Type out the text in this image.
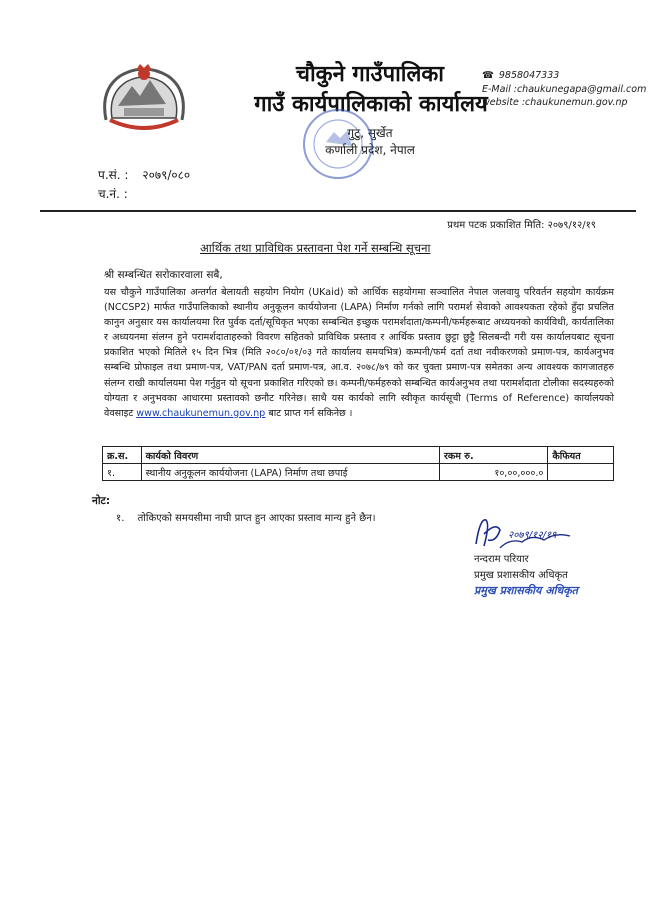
चौकुने गाउँपालिका
गाउँ कार्यपालिकाको कार्यालय
गुटु, सुर्खेत
कर्णाली प्रदेश, नेपाल
☎ 9858047333
E-Mail :chaukunegapa@gmail.com
website :chaukunemun.gov.np
प.सं. : २०७९/०८०
च.नं. :
प्रथम पटक प्रकाशित मिति: २०७९/१२/१९
आर्थिक तथा प्राविधिक प्रस्तावना पेश गर्ने सम्बन्धि सूचना
श्री सम्बन्धित सरोकारवाला सबै,
यस चौकुने गाउँपालिका अन्तर्गत बेलायती सहयोग नियोग (UKaid) को आर्थिक सहयोगमा सञ्चालित नेपाल जलवायु परिवर्तन सहयोग कार्यक्रम (NCCSP2) मार्फत गाउँपालिकाको स्थानीय अनुकूलन कार्ययोजना (LAPA) निर्माण गर्नको लागि परामर्श सेवाको आवश्यकता रहेको हुँदा प्रचलित कानुन अनुसार यस कार्यालयमा रित पुर्वक दर्ता/सूचिकृत भएका सम्बन्धित इच्छुक परामर्शदाता/कम्पनी/फर्महरूबाट अध्ययनको कार्यविधी, कार्यतालिका र अध्ययनमा संलग्न हुने परामर्शदाताहरुको विवरण सहितको प्राविधिक प्रस्ताव र आर्थिक प्रस्ताव छुट्टा छुट्टै सिलबन्दी गरी यस कार्यालयबाट सूचना प्रकाशित भएको मितिले १५ दिन भित्र (मिति २०८०/०१/०३ गते कार्यालय समयभित्र) कम्पनी/फर्म दर्ता तथा नवीकरणको प्रमाण-पत्र, कार्यअनुभव सम्बन्धि प्रोफाइल तथा प्रमाण-पत्र, VAT/PAN दर्ता प्रमाण-पत्र, आ.व. २०७८/७९ को कर चुक्ता प्रमाण-पत्र समेतका अन्य आवश्यक कागजातहरु संलग्न राखी कार्यालयमा पेश गर्नुहुन यो सूचना प्रकाशित गरिएको छ। कम्पनी/फर्महरुको सम्बन्धित कार्यअनुभव तथा परामर्शदाता टोलीका सदस्यहरुको योग्यता र अनुभवका आधारमा प्रस्तावको छनौट गरिनेछ। साथै यस कार्यको लागि स्वीकृत कार्यसूची (Terms of Reference) कार्यालयको वेवसाइट www.chaukunemun.gov.np बाट प्राप्त गर्न सकिनेछ ।
क्र.स.	कार्यको विवरण	रकम रु.	कैफियत
१.	स्थानीय अनुकूलन कार्ययोजना (LAPA) निर्माण तथा छपाई	१०,००,०००.०	
नोट:
१. तोकिएको समयसीमा नाघी प्राप्त हुन आएका प्रस्ताव मान्य हुने छैन।
२०७९/१२/१९
नन्दराम परियार
प्रमुख प्रशासकीय अधिकृत
प्रमुख प्रशासकीय अधिकृत
